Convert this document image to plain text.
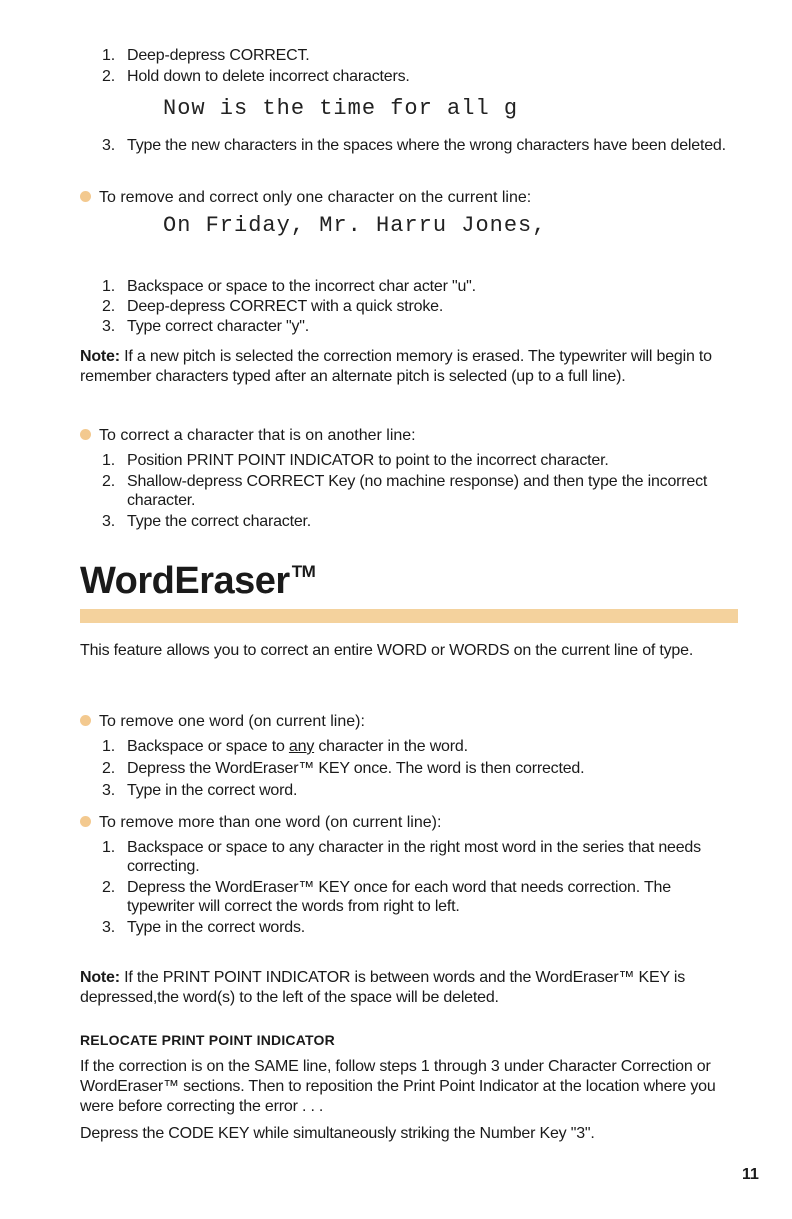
1. Deep-depress CORRECT.
2. Hold down to delete incorrect characters.
Now is the time for all g
3. Type the new characters in the spaces where the wrong characters have been deleted.
To remove and correct only one character on the current line:
On Friday, Mr. Harru Jones,
1. Backspace or space to the incorrect char acter "u".
2. Deep-depress CORRECT with a quick stroke.
3. Type correct character "y".
Note: If a new pitch is selected the correction memory is erased. The typewriter will begin to remember characters typed after an alternate pitch is selected (up to a full line).
To correct a character that is on another line:
1. Position PRINT POINT INDICATOR to point to the incorrect character.
2. Shallow-depress CORRECT Key (no machine response) and then type the incorrect character.
3. Type the correct character.
WordEraser ™
This feature allows you to correct an entire WORD or WORDS on the current line of type.
To remove one word (on current line):
1. Backspace or space to any character in the word.
2. Depress the WordEraser™ KEY once. The word is then corrected.
3. Type in the correct word.
To remove more than one word (on current line):
1. Backspace or space to any character in the right most word in the series that needs correcting.
2. Depress the WordEraser™ KEY once for each word that needs correction. The typewriter will correct the words from right to left.
3. Type in the correct words.
Note: If the PRINT POINT INDICATOR is between words and the WordEraser™ KEY is depressed,the word(s) to the left of the space will be deleted.
RELOCATE PRINT POINT INDICATOR
If the correction is on the SAME line, follow steps 1 through 3 under Character Correction or WordEraser™ sections. Then to reposition the Print Point Indicator at the location where you were before correcting the error . . .
Depress the CODE KEY while simultaneously striking the Number Key "3".
11
